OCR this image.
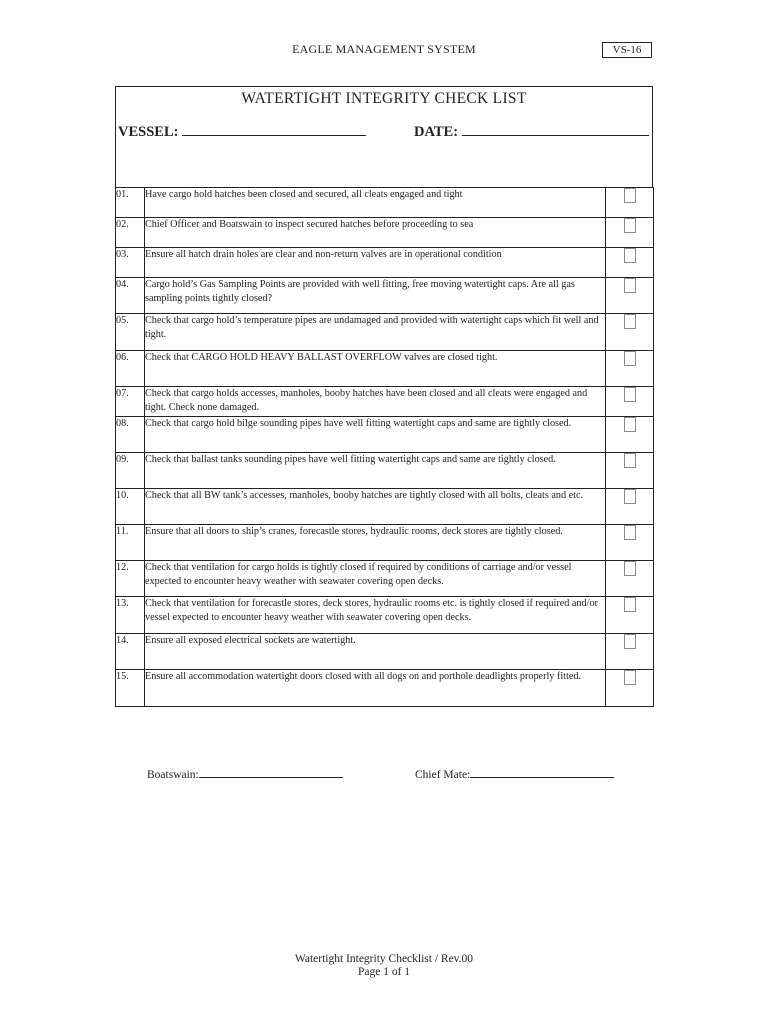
EAGLE MANAGEMENT SYSTEM	VS-16
WATERTIGHT INTEGRITY CHECK LIST
VESSEL:	DATE:
01.	Have cargo hold hatches been closed and secured, all cleats engaged and tight	
02.	Chief Officer and Boatswain to inspect secured hatches before proceeding to sea	
03.	Ensure all hatch drain holes are clear and non-return valves are in operational condition	
04.	Cargo hold’s Gas Sampling Points are provided with well fitting, free moving watertight caps. Are all gas sampling points tightly closed?	
05.	Check that cargo hold’s temperature pipes are undamaged and provided with watertight caps which fit well and tight.	
06.	Check that CARGO HOLD HEAVY BALLAST OVERFLOW valves are closed tight.	
07.	Check that cargo holds accesses, manholes, booby hatches have been closed and all cleats were engaged and tight. Check none damaged.	
08.	Check that cargo hold bilge sounding pipes have well fitting watertight caps and same are tightly closed.	
09.	Check that ballast tanks sounding pipes have well fitting watertight caps and same are tightly closed.	
10.	Check that all BW tank’s accesses, manholes, booby hatches are tightly closed with all bolts, cleats and etc.	
11.	Ensure that all doors to ship’s cranes, forecastle stores, hydraulic rooms, deck stores are tightly closed.	
12.	Check that ventilation for cargo holds is tightly closed if required by conditions of carriage and/or vessel expected to encounter heavy weather with seawater covering open decks.	
13.	Check that ventilation for forecastle stores, deck stores, hydraulic rooms etc. is tightly closed if required and/or vessel expected to encounter heavy weather with seawater covering open decks.	
14.	Ensure all exposed electrical sockets are watertight.	
15.	Ensure all accommodation watertight doors closed with all dogs on and porthole deadlights properly fitted.	
Boatswain:	Chief Mate:
Watertight Integrity Checklist / Rev.00
Page 1 of 1
